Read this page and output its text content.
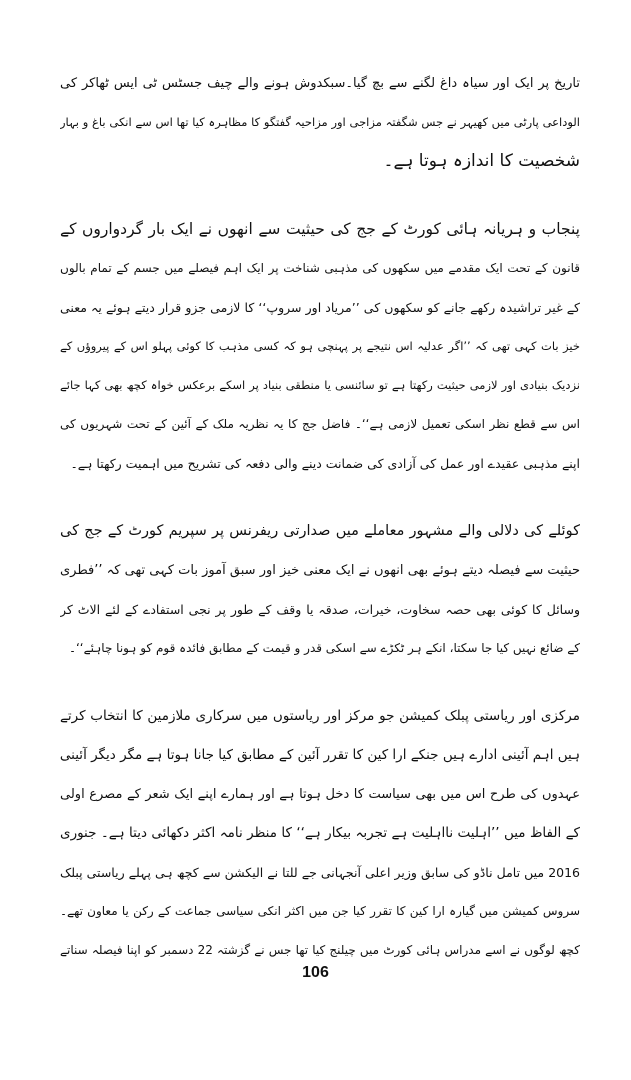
تاریخ پر ایک اور سیاہ داغ لگنے سے بچ گیا۔سبکدوش ہونے والے چیف جسٹس ٹی ایس ٹھاکر کی
الوداعی پارٹی میں کھیہر نے جس شگفتہ مزاجی اور مزاحیہ گفتگو کا مظاہرہ کیا تھا اس سے انکی باغ و بہار
شخصیت کا اندازہ ہوتا ہے۔
پنجاب و ہریانہ ہائی کورٹ کے جج کی حیثیت سے انھوں نے ایک بار گردواروں کے
قانون کے تحت ایک مقدمے میں سکھوں کی مذہبی شناخت پر ایک اہم فیصلے میں جسم کے تمام بالوں
کے غیر تراشیدہ رکھے جانے کو سکھوں کی ’’مریاد اور سروپ‘‘ کا لازمی جزو قرار دیتے ہوئے یہ معنی
خیز بات کہی تھی کہ ’’اگر عدلیہ اس نتیجے پر پہنچی ہو کہ کسی مذہب کا کوئی پہلو اس کے پیروؤں کے
نزدیک بنیادی اور لازمی حیثیت رکھتا ہے تو سائنسی یا منطقی بنیاد پر اسکے برعکس خواہ کچھ بھی کہا جائے
اس سے قطع نظر اسکی تعمیل لازمی ہے‘‘۔ فاضل جج کا یہ نظریہ ملک کے آئین کے تحت شہریوں کی
اپنے مذہبی عقیدے اور عمل کی آزادی کی ضمانت دینے والی دفعہ کی تشریح میں اہمیت رکھتا ہے۔
کوئلے کی دلالی والے مشہور معاملے میں صدارتی ریفرنس پر سپریم کورٹ کے جج کی
حیثیت سے فیصلہ دیتے ہوئے بھی انھوں نے ایک معنی خیز اور سبق آموز بات کہی تھی کہ ’’فطری
وسائل کا کوئی بھی حصہ سخاوت، خیرات، صدقہ یا وقف کے طور پر نجی استفادے کے لئے الاٹ کر
کے ضائع نہیں کیا جا سکتا، انکے ہر ٹکڑے سے اسکی قدر و قیمت کے مطابق فائدہ قوم کو ہونا چاہئے‘‘۔
مرکزی اور ریاستی پبلک کمیشن جو مرکز اور ریاستوں میں سرکاری ملازمین کا انتخاب کرتے
ہیں اہم آئینی ادارے ہیں جنکے ارا کین کا تقرر آئین کے مطابق کیا جانا ہوتا ہے مگر دیگر آئینی
عہدوں کی طرح اس میں بھی سیاست کا دخل ہوتا ہے اور ہمارے اپنے ایک شعر کے مصرع اولی
کے الفاظ میں ’’اہلیت نااہلیت ہے تجربہ بیکار ہے‘‘ کا منظر نامہ اکثر دکھائی دیتا ہے۔ جنوری
2016 میں تامل ناڈو کی سابق وزیر اعلی آنجہانی جے للتا نے الیکشن سے کچھ ہی پہلے ریاستی پبلک
سروس کمیشن میں گیارہ ارا کین کا تقرر کیا جن میں اکثر انکی سیاسی جماعت کے رکن یا معاون تھے۔
کچھ لوگوں نے اسے مدراس ہائی کورٹ میں چیلنج کیا تھا جس نے گزشتہ 22 دسمبر کو اپنا فیصلہ سناتے
106
